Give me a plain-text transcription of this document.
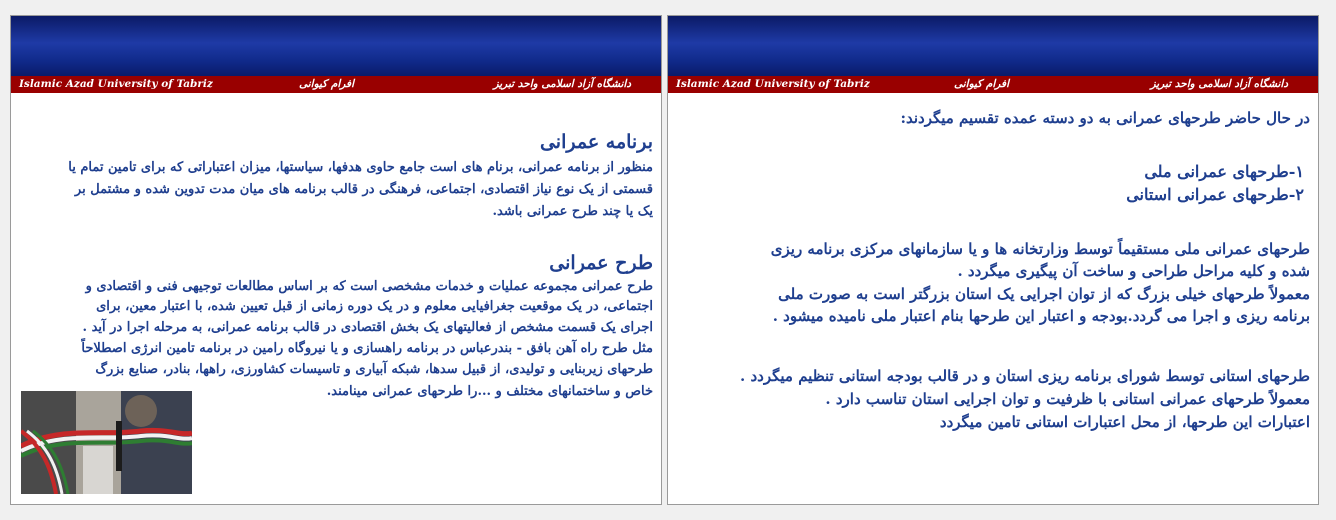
Islamic Azad University of Tabriz	افرام کیوانی	دانشگاه آزاد اسلامی واحد تبریز
برنامه عمرانی
منظور از برنامه عمرانی، برنام های است جامع حاوی هدفها، سیاستها، میزان اعتباراتی که برای تامین تمام یا
قسمتی از یک نوع نیاز اقتصادی، اجتماعی، فرهنگی در قالب برنامه های میان مدت تدوین شده و مشتمل بر
یک یا چند طرح عمرانی باشد.
طرح عمرانی
طرح عمرانی مجموعه عملیات و خدمات مشخصی است که بر اساس مطالعات توجیهی فنی و اقتصادی و
اجتماعی، در یک موقعیت جغرافیایی معلوم و در یک دوره زمانی از قبل تعیین شده، با اعتبار معین، برای
اجرای یک قسمت مشخص از فعالیتهای یک بخش اقتصادی در قالب برنامه عمرانی، به مرحله اجرا در آید .
مثل طرح راه آهن بافق - بندرعباس در برنامه راهسازی و یا نیروگاه رامین در برنامه تامین انرژی اصطلاحاً
طرحهای زیربنایی و تولیدی، از قبیل سدها، شبکه آبیاری و تاسیسات کشاورزی، راهها، بنادر، صنایع بزرگ
خاص و ساختمانهای مختلف و ...را طرحهای عمرانی مینامند.
Islamic Azad University of Tabriz	افرام کیوانی	دانشگاه آزاد اسلامی واحد تبریز
در حال حاضر طرحهای عمرانی به دو دسته عمده تقسیم میگردند:
۱-طرحهای عمرانی ملی
۲-طرحهای عمرانی استانی
طرحهای عمرانی ملی مستقیماً توسط وزارتخانه ها و یا سازمانهای مرکزی برنامه ریزی
شده و کلیه مراحل طراحی و ساخت آن پیگیری میگردد .
معمولاً طرحهای خیلی بزرگ که از توان اجرایی یک استان بزرگتر است به صورت ملی
برنامه ریزی و اجرا می گردد.بودجه و اعتبار این طرحها بنام اعتبار ملی نامیده میشود .
طرحهای استانی توسط شورای برنامه ریزی استان و در قالب بودجه استانی تنظیم میگردد .
معمولاً طرحهای عمرانی استانی با ظرفیت و توان اجرایی استان تناسب دارد .
اعتبارات این طرحها، از محل اعتبارات استانی تامین میگردد
